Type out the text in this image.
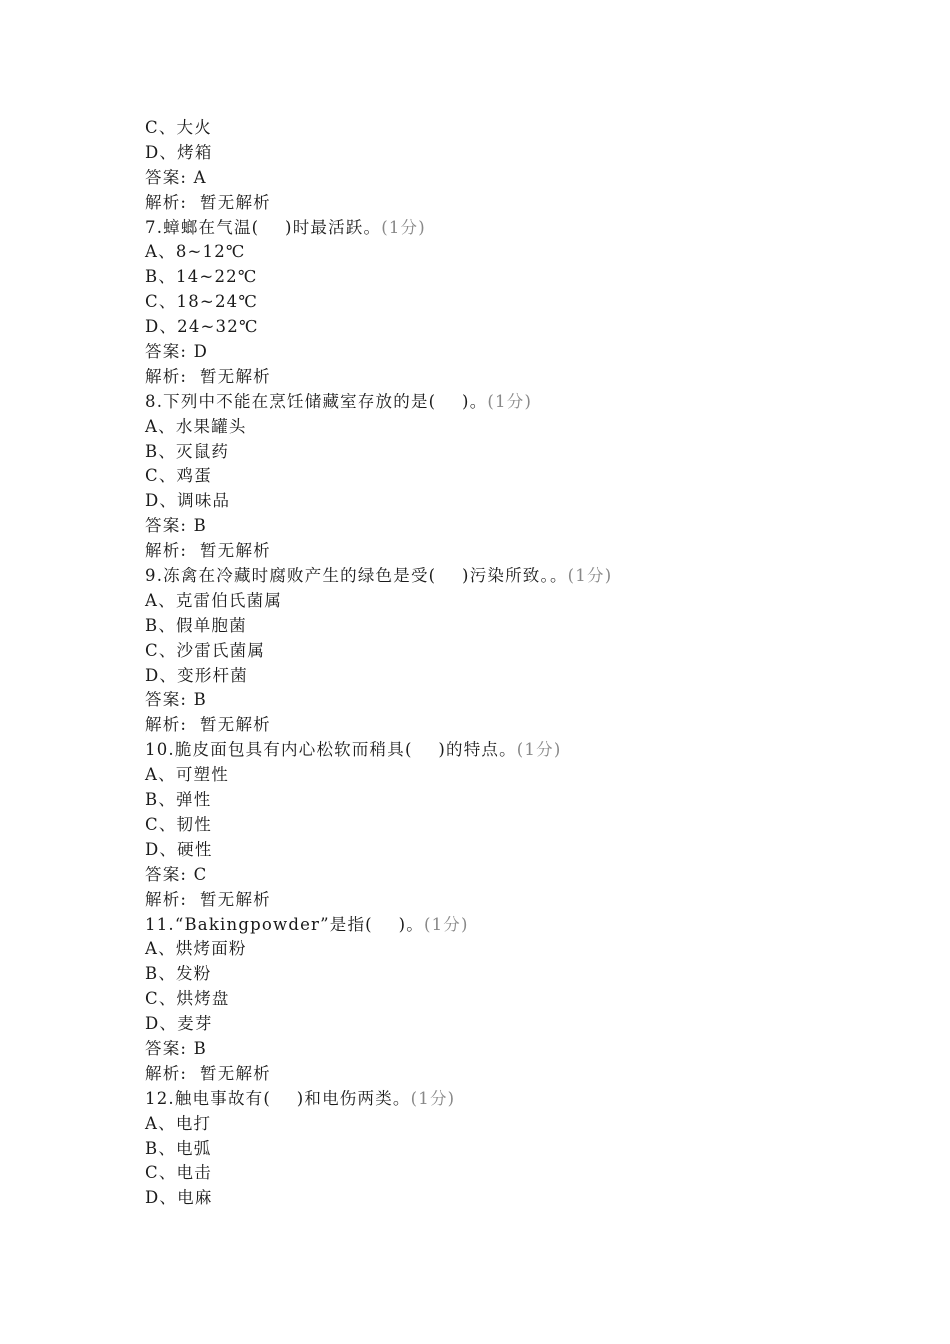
C、大火
D、烤箱
答案: A
解析:  暂无解析
7.蟑螂在气温(    )时最活跃。(1分)
A、8~12℃
B、14~22℃
C、18~24℃
D、24~32℃
答案: D
解析:  暂无解析
8.下列中不能在烹饪储藏室存放的是(    )。(1分)
A、水果罐头
B、灭鼠药
C、鸡蛋
D、调味品
答案: B
解析:  暂无解析
9.冻禽在冷藏时腐败产生的绿色是受(    )污染所致。。(1分)
A、克雷伯氏菌属
B、假单胞菌
C、沙雷氏菌属
D、变形杆菌
答案: B
解析:  暂无解析
10.脆皮面包具有内心松软而稍具(    )的特点。(1分)
A、可塑性
B、弹性
C、韧性
D、硬性
答案: C
解析:  暂无解析
11.“Bakingpowder”是指(    )。(1分)
A、烘烤面粉
B、发粉
C、烘烤盘
D、麦芽
答案: B
解析:  暂无解析
12.触电事故有(    )和电伤两类。(1分)
A、电打
B、电弧
C、电击
D、电麻
